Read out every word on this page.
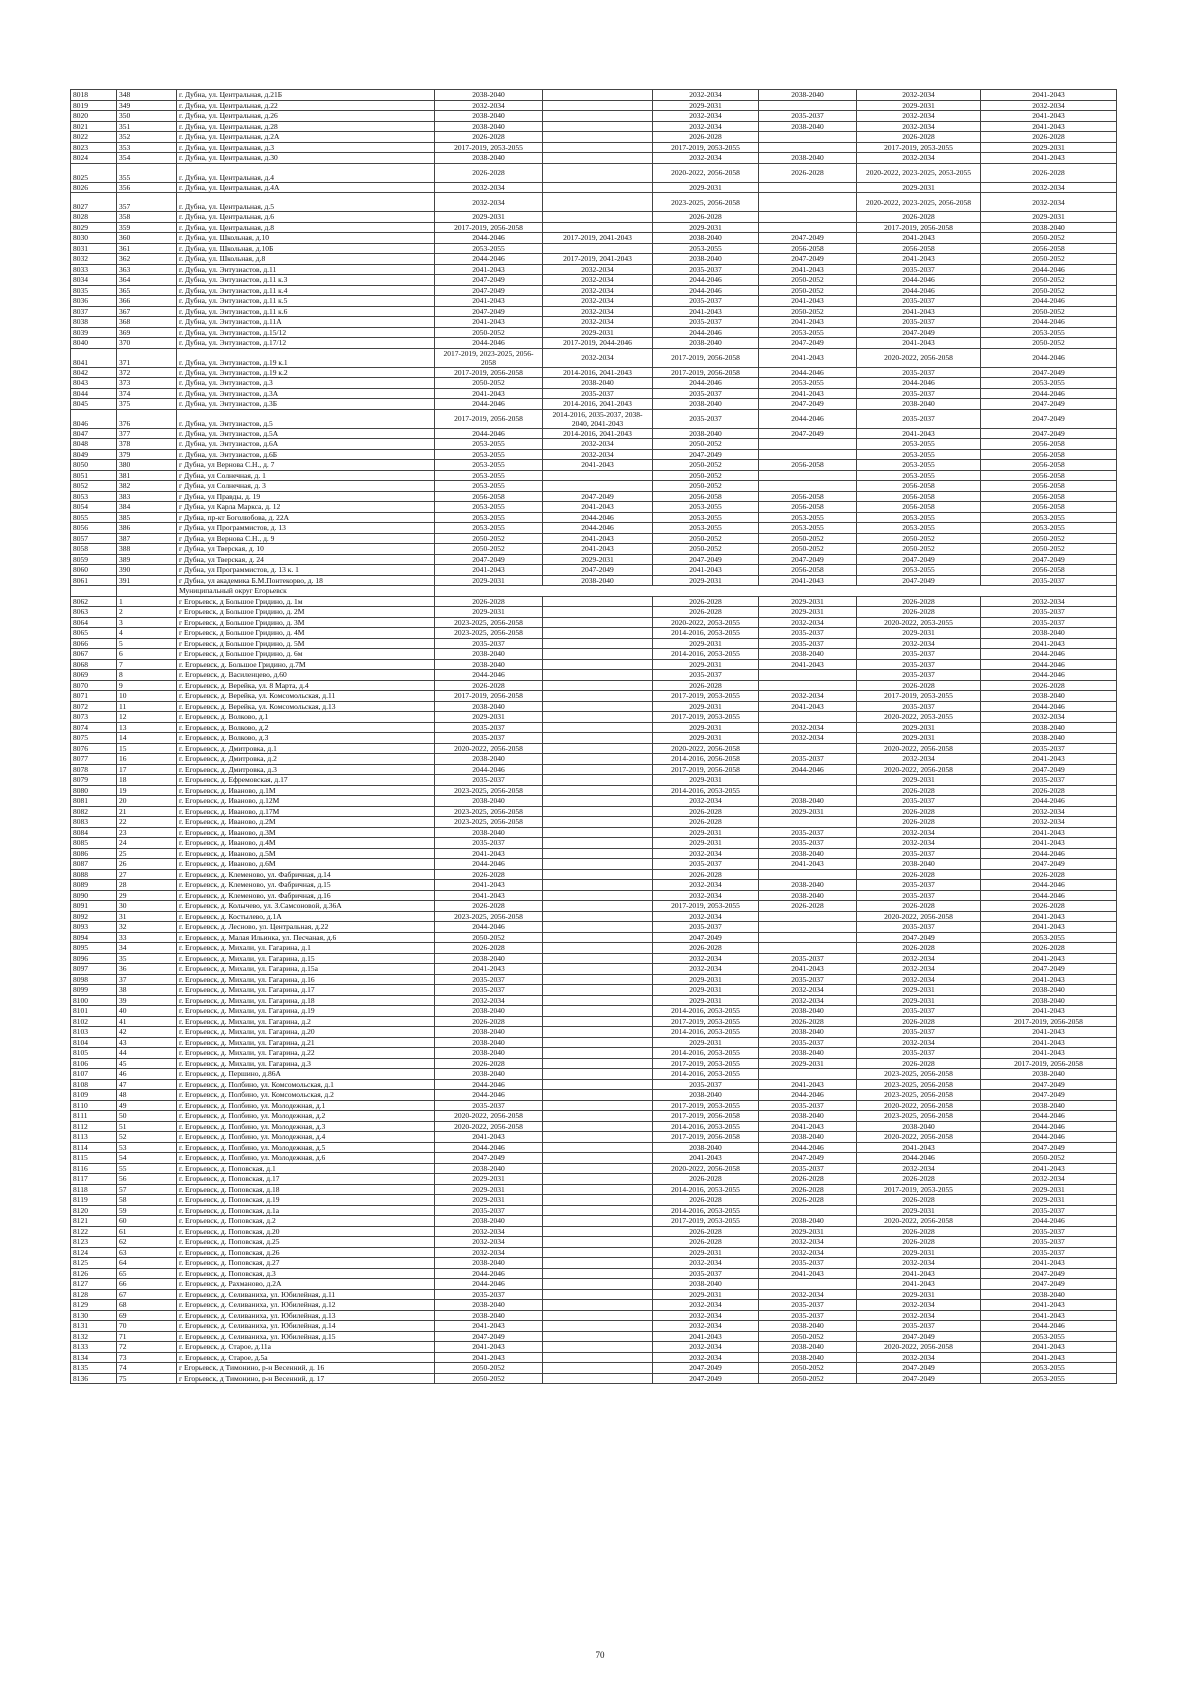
8018	348	г. Дубна, ул. Центральная, д.21Б	2038-2040		2032-2034	2038-2040	2032-2034	2041-2043
8019	349	г. Дубна, ул. Центральная, д.22	2032-2034		2029-2031		2029-2031	2032-2034
8020	350	г. Дубна, ул. Центральная, д.26	2038-2040		2032-2034	2035-2037	2032-2034	2041-2043
8021	351	г. Дубна, ул. Центральная, д.28	2038-2040		2032-2034	2038-2040	2032-2034	2041-2043
8022	352	г. Дубна, ул. Центральная, д.2А	2026-2028		2026-2028		2026-2028	2026-2028
8023	353	г. Дубна, ул. Центральная, д.3	2017-2019, 2053-2055		2017-2019, 2053-2055		2017-2019, 2053-2055	2029-2031
8024	354	г. Дубна, ул. Центральная, д.30	2038-2040		2032-2034	2038-2040	2032-2034	2041-2043
8025	355	г. Дубна, ул. Центральная, д.4	2026-2028		2020-2022, 2056-2058	2026-2028	2020-2022, 2023-2025, 2053-2055	2026-2028
8026	356	г. Дубна, ул. Центральная, д.4А	2032-2034		2029-2031		2029-2031	2032-2034
8027	357	г. Дубна, ул. Центральная, д.5	2032-2034		2023-2025, 2056-2058		2020-2022, 2023-2025, 2056-2058	2032-2034
8028	358	г. Дубна, ул. Центральная, д.6	2029-2031		2026-2028		2026-2028	2029-2031
8029	359	г. Дубна, ул. Центральная, д.8	2017-2019, 2056-2058		2029-2031		2017-2019, 2056-2058	2038-2040
8030	360	г. Дубна, ул. Школьная, д.10	2044-2046	2017-2019, 2041-2043	2038-2040	2047-2049	2041-2043	2050-2052
8031	361	г. Дубна, ул. Школьная, д.10Б	2053-2055		2053-2055	2056-2058	2056-2058	2056-2058
8032	362	г. Дубна, ул. Школьная, д.8	2044-2046	2017-2019, 2041-2043	2038-2040	2047-2049	2041-2043	2050-2052
8033	363	г. Дубна, ул. Энтузиастов, д.11	2041-2043	2032-2034	2035-2037	2041-2043	2035-2037	2044-2046
8034	364	г. Дубна, ул. Энтузиастов, д.11 к.3	2047-2049	2032-2034	2044-2046	2050-2052	2044-2046	2050-2052
8035	365	г. Дубна, ул. Энтузиастов, д.11 к.4	2047-2049	2032-2034	2044-2046	2050-2052	2044-2046	2050-2052
8036	366	г. Дубна, ул. Энтузиастов, д.11 к.5	2041-2043	2032-2034	2035-2037	2041-2043	2035-2037	2044-2046
8037	367	г. Дубна, ул. Энтузиастов, д.11 к.6	2047-2049	2032-2034	2041-2043	2050-2052	2041-2043	2050-2052
8038	368	г. Дубна, ул. Энтузиастов, д.11А	2041-2043	2032-2034	2035-2037	2041-2043	2035-2037	2044-2046
8039	369	г. Дубна, ул. Энтузиастов, д.15/12	2050-2052	2029-2031	2044-2046	2053-2055	2047-2049	2053-2055
8040	370	г. Дубна, ул. Энтузиастов, д.17/12	2044-2046	2017-2019, 2044-2046	2038-2040	2047-2049	2041-2043	2050-2052
8041	371	г. Дубна, ул. Энтузиастов, д.19 к.1	2017-2019, 2023-2025, 2056-2058	2032-2034	2017-2019, 2056-2058	2041-2043	2020-2022, 2056-2058	2044-2046
8042	372	г. Дубна, ул. Энтузиастов, д.19 к.2	2017-2019, 2056-2058	2014-2016, 2041-2043	2017-2019, 2056-2058	2044-2046	2035-2037	2047-2049
8043	373	г. Дубна, ул. Энтузиастов, д.3	2050-2052	2038-2040	2044-2046	2053-2055	2044-2046	2053-2055
8044	374	г. Дубна, ул. Энтузиастов, д.3А	2041-2043	2035-2037	2035-2037	2041-2043	2035-2037	2044-2046
8045	375	г. Дубна, ул. Энтузиастов, д.3Б	2044-2046	2014-2016, 2041-2043	2038-2040	2047-2049	2038-2040	2047-2049
8046	376	г. Дубна, ул. Энтузиастов, д.5	2017-2019, 2056-2058	2014-2016, 2035-2037, 2038-2040, 2041-2043	2035-2037	2044-2046	2035-2037	2047-2049
8047	377	г. Дубна, ул. Энтузиастов, д.5А	2044-2046	2014-2016, 2041-2043	2038-2040	2047-2049	2041-2043	2047-2049
8048	378	г. Дубна, ул. Энтузиастов, д.6А	2053-2055	2032-2034	2050-2052		2053-2055	2056-2058
8049	379	г. Дубна, ул. Энтузиастов, д.6Б	2053-2055	2032-2034	2047-2049		2053-2055	2056-2058
8050	380	г Дубна, ул Вернова С.Н., д. 7	2053-2055	2041-2043	2050-2052	2056-2058	2053-2055	2056-2058
8051	381	г Дубна, ул Солнечная, д. 1	2053-2055		2050-2052		2053-2055	2056-2058
8052	382	г Дубна, ул Солнечная, д. 3	2053-2055		2050-2052		2056-2058	2056-2058
8053	383	г Дубна, ул Правды, д. 19	2056-2058	2047-2049	2056-2058	2056-2058	2056-2058	2056-2058
8054	384	г Дубна, ул Карла Маркса, д. 12	2053-2055	2041-2043	2053-2055	2056-2058	2056-2058	2056-2058
8055	385	г Дубна, пр-кт Боголюбова, д. 22А	2053-2055	2044-2046	2053-2055	2053-2055	2053-2055	2053-2055
8056	386	г Дубна, ул Программистов, д. 13	2053-2055	2044-2046	2053-2055	2053-2055	2053-2055	2053-2055
8057	387	г Дубна, ул Вернова С.Н., д. 9	2050-2052	2041-2043	2050-2052	2050-2052	2050-2052	2050-2052
8058	388	г Дубна, ул Тверская, д. 10	2050-2052	2041-2043	2050-2052	2050-2052	2050-2052	2050-2052
8059	389	г Дубна, ул Тверская, д. 24	2047-2049	2029-2031	2047-2049	2047-2049	2047-2049	2047-2049
8060	390	г Дубна, ул Программистов, д. 13 к. 1	2041-2043	2047-2049	2041-2043	2056-2058	2053-2055	2056-2058
8061	391	г Дубна, ул академика Б.М.Понтекорво, д. 18	2029-2031	2038-2040	2029-2031	2041-2043	2047-2049	2035-2037
		Муниципальный округ Егорьевск						
8062	1	г Егорьевск, д Большое Гридино, д. 1м	2026-2028		2026-2028	2029-2031	2026-2028	2032-2034
8063	2	г Егорьевск, д Большое Гридино, д. 2М	2029-2031		2026-2028	2029-2031	2026-2028	2035-2037
8064	3	г Егорьевск, д Большое Гридино, д. 3М	2023-2025, 2056-2058		2020-2022, 2053-2055	2032-2034	2020-2022, 2053-2055	2035-2037
8065	4	г Егорьевск, д Большое Гридино, д. 4М	2023-2025, 2056-2058		2014-2016, 2053-2055	2035-2037	2029-2031	2038-2040
8066	5	г Егорьевск, д Большое Гридино, д. 5М	2035-2037		2029-2031	2035-2037	2032-2034	2041-2043
8067	6	г Егорьевск, д Большое Гридино, д. 6м	2038-2040		2014-2016, 2053-2055	2038-2040	2035-2037	2044-2046
8068	7	г. Егорьевск, д. Большое Гридино, д.7М	2038-2040		2029-2031	2041-2043	2035-2037	2044-2046
8069	8	г. Егорьевск, д. Василенцево, д.60	2044-2046		2035-2037		2035-2037	2044-2046
8070	9	г. Егорьевск, д. Верейка, ул. 8 Марта, д.4	2026-2028		2026-2028		2026-2028	2026-2028
8071	10	г. Егорьевск, д. Верейка, ул. Комсомольская, д.11	2017-2019, 2056-2058		2017-2019, 2053-2055	2032-2034	2017-2019, 2053-2055	2038-2040
8072	11	г. Егорьевск, д. Верейка, ул. Комсомольская, д.13	2038-2040		2029-2031	2041-2043	2035-2037	2044-2046
8073	12	г. Егорьевск, д. Волково, д.1	2029-2031		2017-2019, 2053-2055		2020-2022, 2053-2055	2032-2034
8074	13	г. Егорьевск, д. Волково, д.2	2035-2037		2029-2031	2032-2034	2029-2031	2038-2040
8075	14	г. Егорьевск, д. Волково, д.3	2035-2037		2029-2031	2032-2034	2029-2031	2038-2040
8076	15	г. Егорьевск, д. Дмитровка, д.1	2020-2022, 2056-2058		2020-2022, 2056-2058		2020-2022, 2056-2058	2035-2037
8077	16	г. Егорьевск, д. Дмитровка, д.2	2038-2040		2014-2016, 2056-2058	2035-2037	2032-2034	2041-2043
8078	17	г. Егорьевск, д. Дмитровка, д.3	2044-2046		2017-2019, 2056-2058	2044-2046	2020-2022, 2056-2058	2047-2049
8079	18	г. Егорьевск, д. Ефремовская, д.17	2035-2037		2029-2031		2029-2031	2035-2037
8080	19	г. Егорьевск, д. Иваново, д.1М	2023-2025, 2056-2058		2014-2016, 2053-2055		2026-2028	2026-2028
8081	20	г. Егорьевск, д. Иваново, д.12М	2038-2040		2032-2034	2038-2040	2035-2037	2044-2046
8082	21	г. Егорьевск, д. Иваново, д.17М	2023-2025, 2056-2058		2026-2028	2029-2031	2026-2028	2032-2034
8083	22	г. Егорьевск, д. Иваново, д.2М	2023-2025, 2056-2058		2026-2028		2026-2028	2032-2034
8084	23	г. Егорьевск, д. Иваново, д.3М	2038-2040		2029-2031	2035-2037	2032-2034	2041-2043
8085	24	г. Егорьевск, д. Иваново, д.4М	2035-2037		2029-2031	2035-2037	2032-2034	2041-2043
8086	25	г. Егорьевск, д. Иваново, д.5М	2041-2043		2032-2034	2038-2040	2035-2037	2044-2046
8087	26	г. Егорьевск, д. Иваново, д.6М	2044-2046		2035-2037	2041-2043	2038-2040	2047-2049
8088	27	г. Егорьевск, д. Клеменово, ул. Фабричная, д.14	2026-2028		2026-2028		2026-2028	2026-2028
8089	28	г. Егорьевск, д. Клеменово, ул. Фабричная, д.15	2041-2043		2032-2034	2038-2040	2035-2037	2044-2046
8090	29	г. Егорьевск, д. Клеменово, ул. Фабричная, д.16	2041-2043		2032-2034	2038-2040	2035-2037	2044-2046
8091	30	г. Егорьевск, д. Колычево, ул. З.Самсоновой, д.36А	2026-2028		2017-2019, 2053-2055	2026-2028	2026-2028	2026-2028
8092	31	г. Егорьевск, д. Костылево, д.1А	2023-2025, 2056-2058		2032-2034		2020-2022, 2056-2058	2041-2043
8093	32	г. Егорьевск, д. Лесново, ул. Центральная, д.22	2044-2046		2035-2037		2035-2037	2041-2043
8094	33	г. Егорьевск, д. Малая Ильинка, ул. Песчаная, д.6	2050-2052		2047-2049		2047-2049	2053-2055
8095	34	г. Егорьевск, д. Михали, ул. Гагарина, д.1	2026-2028		2026-2028		2026-2028	2026-2028
8096	35	г. Егорьевск, д. Михали, ул. Гагарина, д.15	2038-2040		2032-2034	2035-2037	2032-2034	2041-2043
8097	36	г. Егорьевск, д. Михали, ул. Гагарина, д.15а	2041-2043		2032-2034	2041-2043	2032-2034	2047-2049
8098	37	г. Егорьевск, д. Михали, ул. Гагарина, д.16	2035-2037		2029-2031	2035-2037	2032-2034	2041-2043
8099	38	г. Егорьевск, д. Михали, ул. Гагарина, д.17	2035-2037		2029-2031	2032-2034	2029-2031	2038-2040
8100	39	г. Егорьевск, д. Михали, ул. Гагарина, д.18	2032-2034		2029-2031	2032-2034	2029-2031	2038-2040
8101	40	г. Егорьевск, д. Михали, ул. Гагарина, д.19	2038-2040		2014-2016, 2053-2055	2038-2040	2035-2037	2041-2043
8102	41	г. Егорьевск, д. Михали, ул. Гагарина, д.2	2026-2028		2017-2019, 2053-2055	2026-2028	2026-2028	2017-2019, 2056-2058
8103	42	г. Егорьевск, д. Михали, ул. Гагарина, д.20	2038-2040		2014-2016, 2053-2055	2038-2040	2035-2037	2041-2043
8104	43	г. Егорьевск, д. Михали, ул. Гагарина, д.21	2038-2040		2029-2031	2035-2037	2032-2034	2041-2043
8105	44	г. Егорьевск, д. Михали, ул. Гагарина, д.22	2038-2040		2014-2016, 2053-2055	2038-2040	2035-2037	2041-2043
8106	45	г. Егорьевск, д. Михали, ул. Гагарина, д.3	2026-2028		2017-2019, 2053-2055	2029-2031	2026-2028	2017-2019, 2056-2058
8107	46	г. Егорьевск, д. Першино, д.86А	2038-2040		2014-2016, 2053-2055		2023-2025, 2056-2058	2038-2040
8108	47	г. Егорьевск, д. Полбино, ул. Комсомольская, д.1	2044-2046		2035-2037	2041-2043	2023-2025, 2056-2058	2047-2049
8109	48	г. Егорьевск, д. Полбино, ул. Комсомольская, д.2	2044-2046		2038-2040	2044-2046	2023-2025, 2056-2058	2047-2049
8110	49	г. Егорьевск, д. Полбино, ул. Молодежная, д.1	2035-2037		2017-2019, 2053-2055	2035-2037	2020-2022, 2056-2058	2038-2040
8111	50	г. Егорьевск, д. Полбино, ул. Молодежная, д.2	2020-2022, 2056-2058		2017-2019, 2056-2058	2038-2040	2023-2025, 2056-2058	2044-2046
8112	51	г. Егорьевск, д. Полбино, ул. Молодежная, д.3	2020-2022, 2056-2058		2014-2016, 2053-2055	2041-2043	2038-2040	2044-2046
8113	52	г. Егорьевск, д. Полбино, ул. Молодежная, д.4	2041-2043		2017-2019, 2056-2058	2038-2040	2020-2022, 2056-2058	2044-2046
8114	53	г. Егорьевск, д. Полбино, ул. Молодежная, д.5	2044-2046		2038-2040	2044-2046	2041-2043	2047-2049
8115	54	г. Егорьевск, д. Полбино, ул. Молодежная, д.6	2047-2049		2041-2043	2047-2049	2044-2046	2050-2052
8116	55	г. Егорьевск, д. Поповская, д.1	2038-2040		2020-2022, 2056-2058	2035-2037	2032-2034	2041-2043
8117	56	г. Егорьевск, д. Поповская, д.17	2029-2031		2026-2028	2026-2028	2026-2028	2032-2034
8118	57	г. Егорьевск, д. Поповская, д.18	2029-2031		2014-2016, 2053-2055	2026-2028	2017-2019, 2053-2055	2029-2031
8119	58	г. Егорьевск, д. Поповская, д.19	2029-2031		2026-2028	2026-2028	2026-2028	2029-2031
8120	59	г. Егорьевск, д. Поповская, д.1а	2035-2037		2014-2016, 2053-2055		2029-2031	2035-2037
8121	60	г. Егорьевск, д. Поповская, д.2	2038-2040		2017-2019, 2053-2055	2038-2040	2020-2022, 2056-2058	2044-2046
8122	61	г. Егорьевск, д. Поповская, д.20	2032-2034		2026-2028	2029-2031	2026-2028	2035-2037
8123	62	г. Егорьевск, д. Поповская, д.25	2032-2034		2026-2028	2032-2034	2026-2028	2035-2037
8124	63	г. Егорьевск, д. Поповская, д.26	2032-2034		2029-2031	2032-2034	2029-2031	2035-2037
8125	64	г. Егорьевск, д. Поповская, д.27	2038-2040		2032-2034	2035-2037	2032-2034	2041-2043
8126	65	г. Егорьевск, д. Поповская, д.3	2044-2046		2035-2037	2041-2043	2041-2043	2047-2049
8127	66	г. Егорьевск, д. Рахманово, д.2А	2044-2046		2038-2040		2041-2043	2047-2049
8128	67	г. Егорьевск, д. Селиваниха, ул. Юбилейная, д.11	2035-2037		2029-2031	2032-2034	2029-2031	2038-2040
8129	68	г. Егорьевск, д. Селиваниха, ул. Юбилейная, д.12	2038-2040		2032-2034	2035-2037	2032-2034	2041-2043
8130	69	г. Егорьевск, д. Селиваниха, ул. Юбилейная, д.13	2038-2040		2032-2034	2035-2037	2032-2034	2041-2043
8131	70	г. Егорьевск, д. Селиваниха, ул. Юбилейная, д.14	2041-2043		2032-2034	2038-2040	2035-2037	2044-2046
8132	71	г. Егорьевск, д. Селиваниха, ул. Юбилейная, д.15	2047-2049		2041-2043	2050-2052	2047-2049	2053-2055
8133	72	г. Егорьевск, д. Старое, д.11а	2041-2043		2032-2034	2038-2040	2020-2022, 2056-2058	2041-2043
8134	73	г. Егорьевск, д. Старое, д.5а	2041-2043		2032-2034	2038-2040	2032-2034	2041-2043
8135	74	г Егорьевск, д Тимонино, р-н Весенний, д. 16	2050-2052		2047-2049	2050-2052	2047-2049	2053-2055
8136	75	г Егорьевск, д Тимонино, р-н Весенний, д. 17	2050-2052		2047-2049	2050-2052	2047-2049	2053-2055
70
